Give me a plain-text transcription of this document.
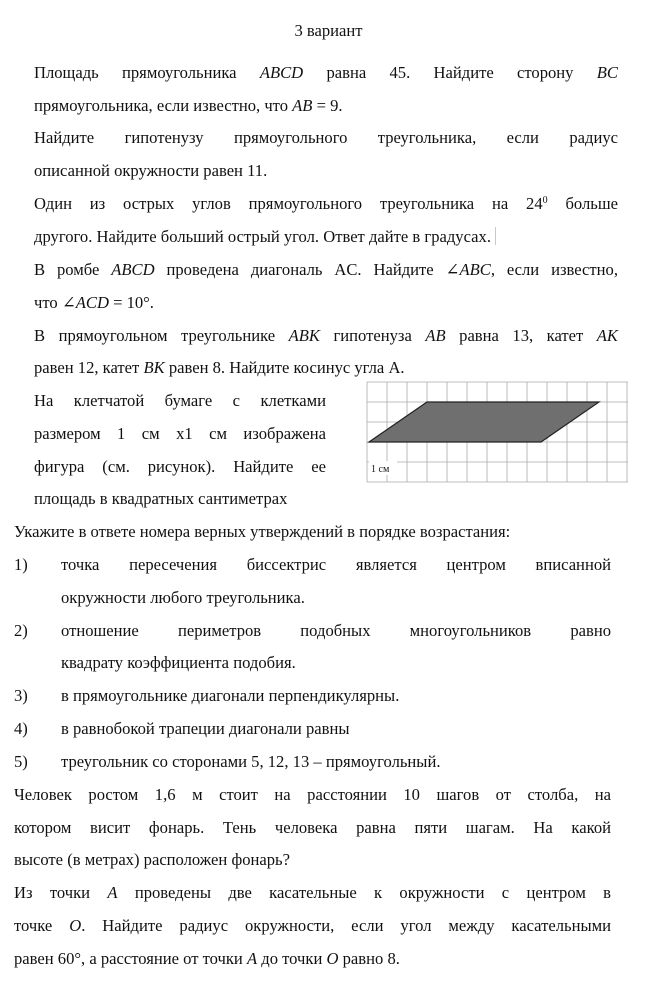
3 вариант
Площадь прямоугольника ABCD равна 45. Найдите сторону BC
прямоугольника, если известно, что AB = 9.
Найдите гипотенузу прямоугольного треугольника, если радиус
описанной окружности равен 11.
Один из острых углов прямоугольного треугольника на $24^0$ больше
другого. Найдите больший острый угол. Ответ дайте в градусах.
В ромбе ABCD проведена диагональ AC. Найдите ∠ABC, если известно,
что ∠ACD = 10°.
В прямоугольном треугольнике ABK гипотенуза AB равна 13, катет AK
равен 12, катет BK равен 8. Найдите косинус угла A.
На клетчатой бумаге с клетками
размером 1 см х1 см изображена
фигура (см. рисунок). Найдите ее
площадь в квадратных сантиметрах
1 см
Укажите в ответе номера верных утверждений в порядке возрастания:
1) точка пересечения биссектрис является центром вписанной
окружности любого треугольника.
2) отношение периметров подобных многоугольников равно
квадрату коэффициента подобия.
3) в прямоугольнике диагонали перпендикулярны.
4) в равнобокой трапеции диагонали равны
5) треугольник со сторонами 5, 12, 13 – прямоугольный.
Человек ростом 1,6 м стоит на расстоянии 10 шагов от столба, на
котором висит фонарь. Тень человека равна пяти шагам. На какой
высоте (в метрах) расположен фонарь?
Из точки A проведены две касательные к окружности с центром в
точке O. Найдите радиус окружности, если угол между касательными
равен 60°, а расстояние от точки A до точки O равно 8.
